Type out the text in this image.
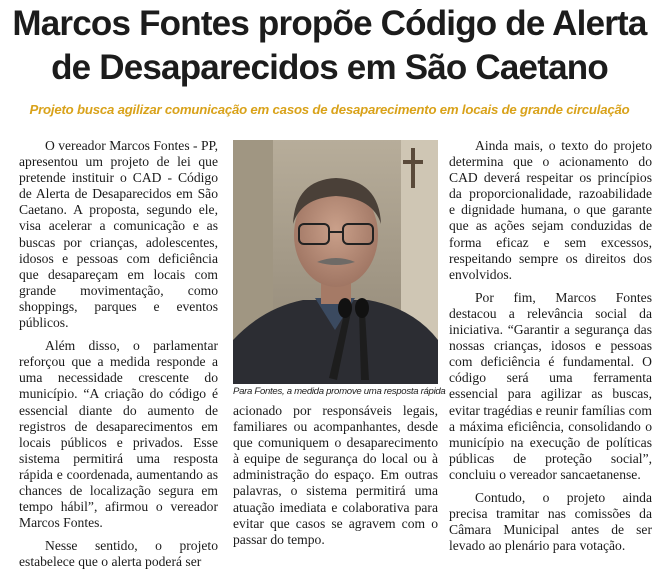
Marcos Fontes propõe Código de Alerta
de Desaparecidos em São Caetano
Projeto busca agilizar comunicação em casos de desaparecimento em locais de grande circulação

O vereador Marcos Fontes - PP, apresentou um projeto de lei que pretende instituir o CAD - Código de Alerta de Desaparecidos em São Caetano. A proposta, segundo ele, visa acelerar a comunicação e as buscas por crianças, adolescentes, idosos e pessoas com deficiência que desapareçam em locais com grande movimentação, como shoppings, parques e eventos públicos.

Além disso, o parlamentar reforçou que a medida responde a uma necessidade crescente do município. “A criação do código é essencial diante do aumento de registros de desaparecimentos em locais públicos e privados. Esse sistema permitirá uma resposta rápida e coordenada, aumentando as chances de localização segura em tempo hábil”, afirmou o vereador Marcos Fontes.

Nesse sentido, o projeto estabelece que o alerta poderá ser

Para Fontes, a medida promove uma resposta rápida

acionado por responsáveis legais, familiares ou acompanhantes, desde que comuniquem o desaparecimento à equipe de segurança do local ou à administração do espaço. Em outras palavras, o sistema permitirá uma atuação imediata e colaborativa para evitar que casos se agravem com o passar do tempo.

Ainda mais, o texto do projeto determina que o acionamento do CAD deverá respeitar os princípios da proporcionalidade, razoabilidade e dignidade humana, o que garante que as ações sejam conduzidas de forma eficaz e sem excessos, respeitando sempre os direitos dos envolvidos.

Por fim, Marcos Fontes destacou a relevância social da iniciativa. “Garantir a segurança das nossas crianças, idosos e pessoas com deficiência é fundamental. O código será uma ferramenta essencial para agilizar as buscas, evitar tragédias e reunir famílias com a máxima eficiência, consolidando o município na execução de políticas públicas de proteção social”, concluiu o vereador sancaetanense.

Contudo, o projeto ainda precisa tramitar nas comissões da Câmara Municipal antes de ser levado ao plenário para votação.
